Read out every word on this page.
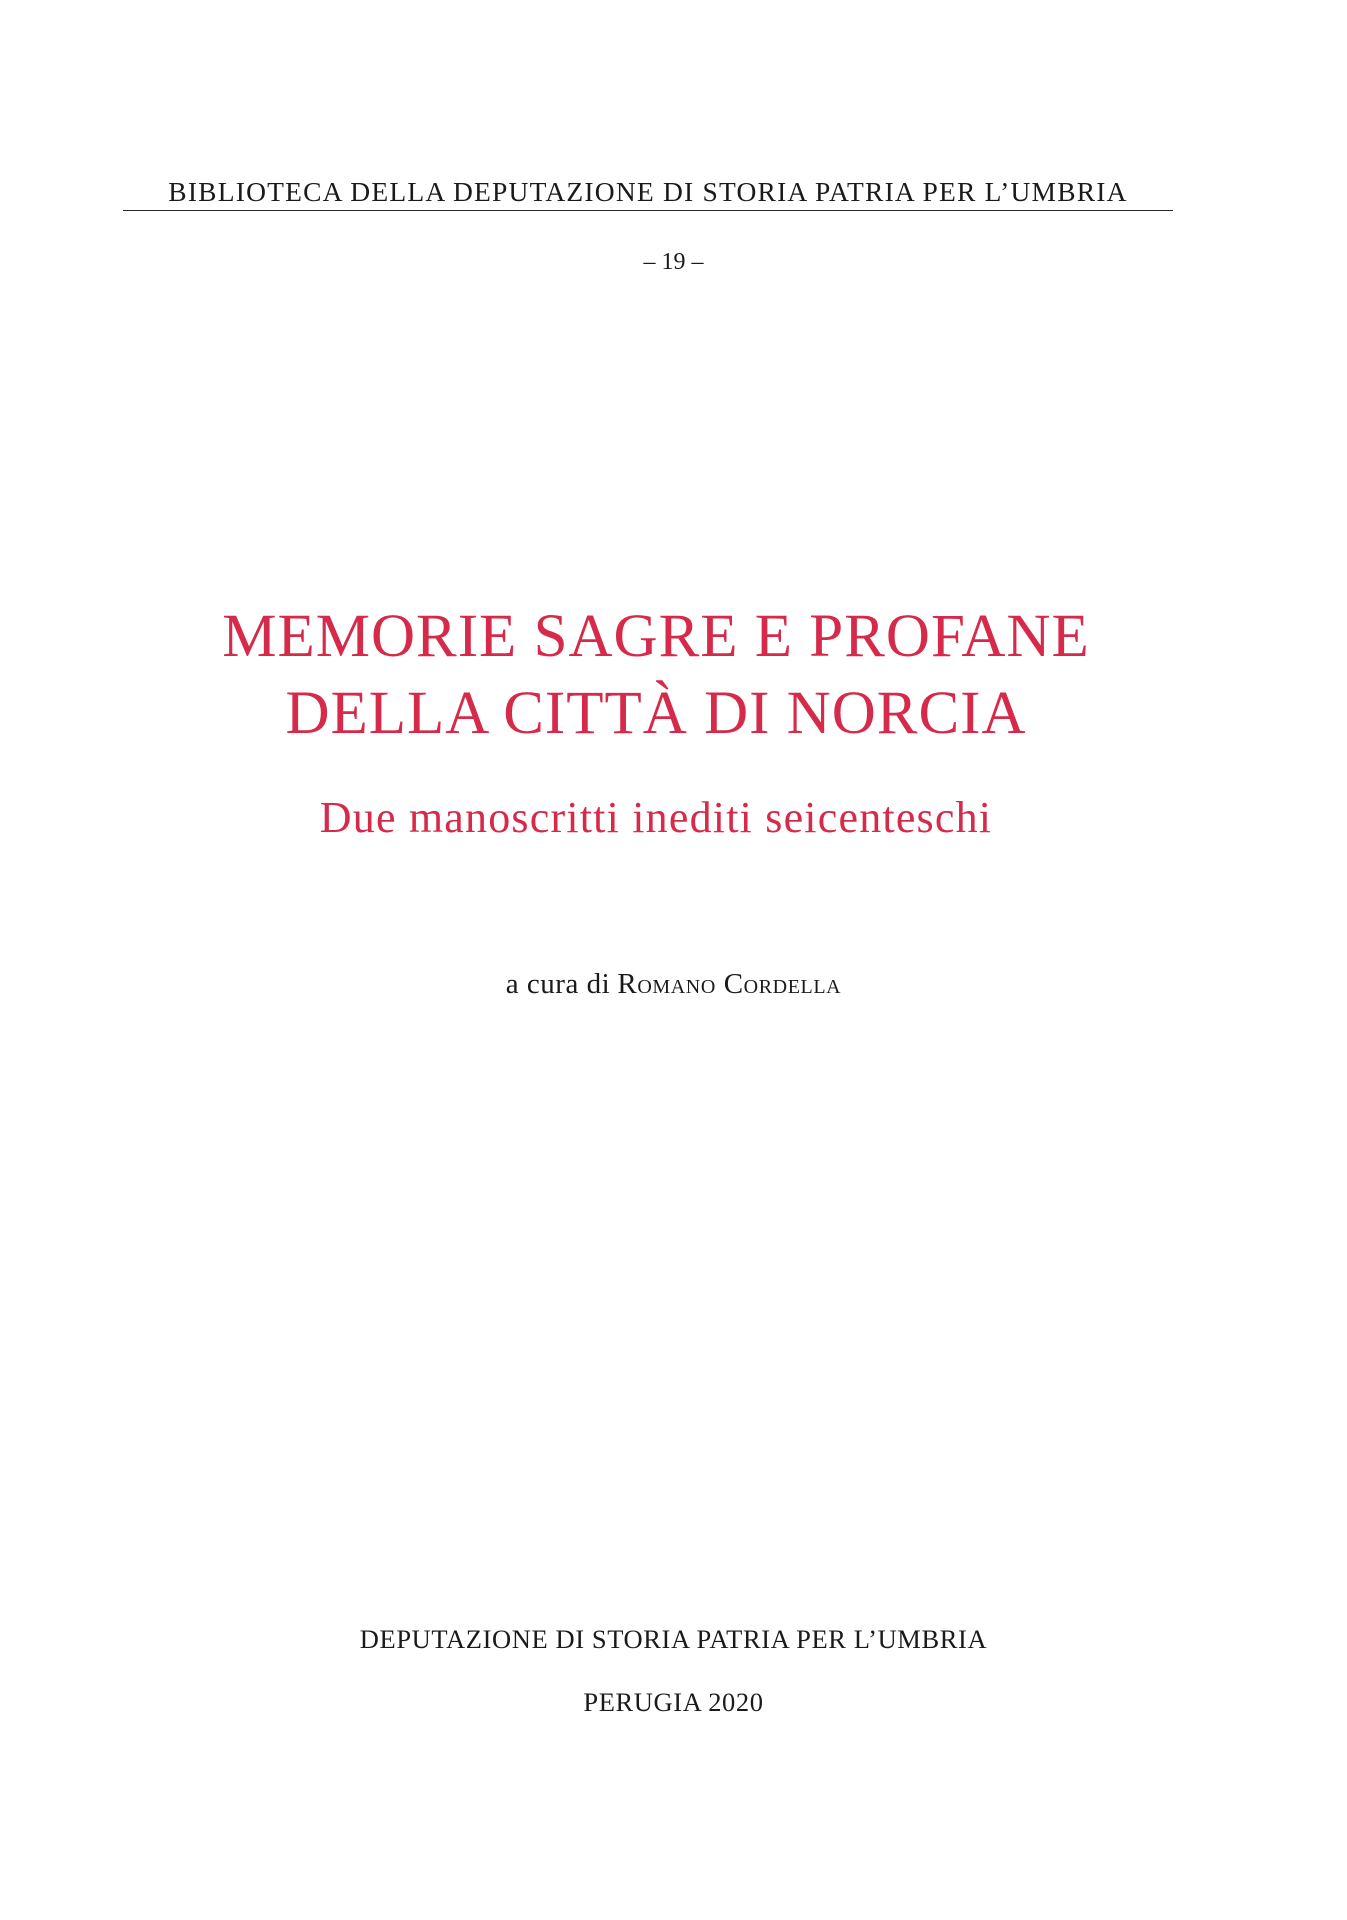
BIBLIOTECA DELLA DEPUTAZIONE DI STORIA PATRIA PER L’UMBRIA
– 19 –
MEMORIE SAGRE E PROFANE
DELLA CITTÀ DI NORCIA
Due manoscritti inediti seicenteschi
a cura di Romano Cordella
DEPUTAZIONE DI STORIA PATRIA PER L’UMBRIA
PERUGIA 2020
